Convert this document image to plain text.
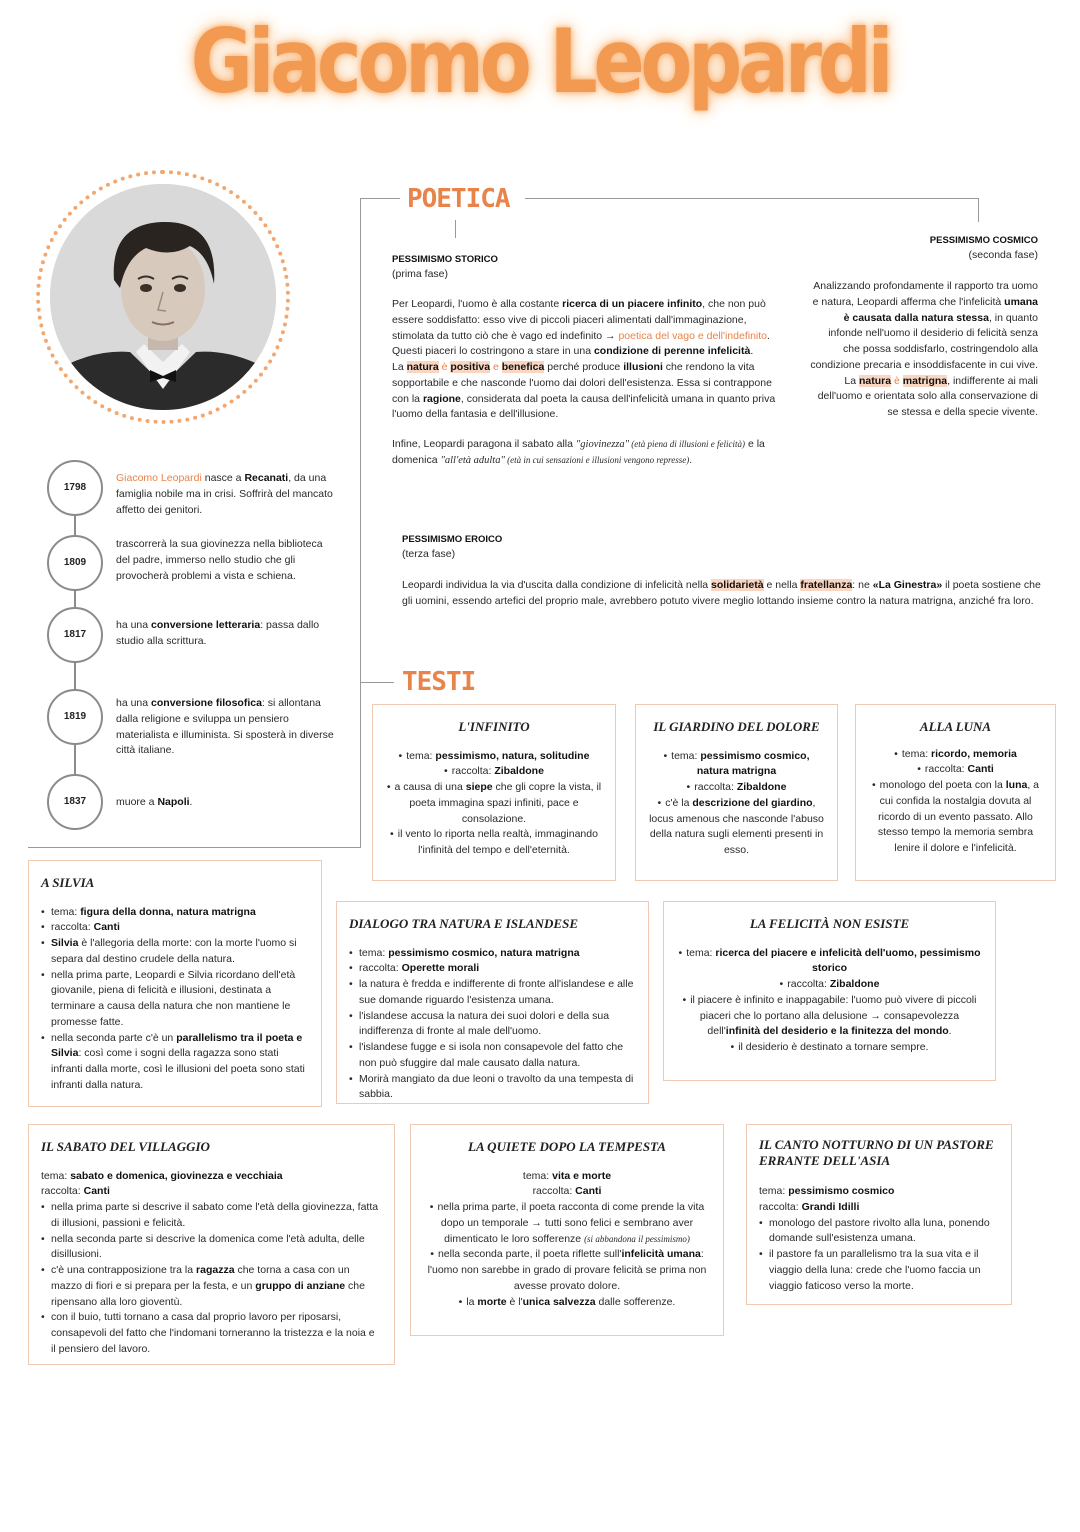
Giacomo Leopardi
1798
1809
1817
1819
1837
Giacomo Leopardi nasce a Recanati, da una famiglia nobile ma in crisi. Soffrirà del mancato affetto dei genitori.
trascorrerà la sua giovinezza nella biblioteca del padre, immerso nello studio che gli provocherà problemi a vista e schiena.
ha una conversione letteraria: passa dallo studio alla scrittura.
ha una conversione filosofica: si allontana dalla religione e sviluppa un pensiero materialista e illuminista. Si sposterà in diverse città italiane.
muore a Napoli.
POETICA
PESSIMISMO STORICO
(prima fase)

Per Leopardi, l'uomo è alla costante ricerca di un piacere infinito, che non può essere soddisfatto: esso vive di piccoli piaceri alimentati dall'immaginazione, stimolata da tutto ciò che è vago ed indefinito → poetica del vago e dell'indefinito. Questi piaceri lo costringono a stare in una condizione di perenne infelicità.

La natura è positiva e benefica perché produce illusioni che rendono la vita sopportabile e che nasconde l'uomo dai dolori dell'esistenza. Essa si contrappone con la ragione, considerata dal poeta la causa dell'infelicità umana in quanto priva l'uomo della fantasia e dell'illusione.

Infine, Leopardi paragona il sabato alla "giovinezza" (età piena di illusioni e felicità) e la domenica "all'età adulta" (età in cui sensazioni e illusioni vengono represse).

PESSIMISMO COSMICO
(seconda fase)

Analizzando profondamente il rapporto tra uomo e natura, Leopardi afferma che l'infelicità umana è causata dalla natura stessa, in quanto infonde nell'uomo il desiderio di felicità senza che possa soddisfarlo, costringendolo alla condizione precaria e insoddisfacente in cui vive. La natura è matrigna, indifferente ai mali dell'uomo e orientata solo alla conservazione di se stessa e della specie vivente.

PESSIMISMO EROICO
(terza fase)

Leopardi individua la via d'uscita dalla condizione di infelicità nella solidarietà e nella fratellanza: ne «La Ginestra» il poeta sostiene che gli uomini, essendo artefici del proprio male, avrebbero potuto vivere meglio lottando insieme contro la natura matrigna, anziché fra loro.

TESTI
L'INFINITO
• tema: pessimismo, natura, solitudine
• raccolta: Zibaldone
• a causa di una siepe che gli copre la vista, il poeta immagina spazi infiniti, pace e consolazione.
• il vento lo riporta nella realtà, immaginando l'infinità del tempo e dell'eternità.
IL GIARDINO DEL DOLORE
• tema: pessimismo cosmico, natura matrigna
• raccolta: Zibaldone
• c'è la descrizione del giardino, locus amenous che nasconde l'abuso della natura sugli elementi presenti in esso.
ALLA LUNA
• tema: ricordo, memoria
• raccolta: Canti
• monologo del poeta con la luna, a cui confida la nostalgia dovuta al ricordo di un evento passato. Allo stesso tempo la memoria sembra lenire il dolore e l'infelicità.
A SILVIA
• tema: figura della donna, natura matrigna
• raccolta: Canti
• Silvia è l'allegoria della morte: con la morte l'uomo si separa dal destino crudele della natura.
• nella prima parte, Leopardi e Silvia ricordano dell'età giovanile, piena di felicità e illusioni, destinata a terminare a causa della natura che non mantiene le promesse fatte.
• nella seconda parte c'è un parallelismo tra il poeta e Silvia: così come i sogni della ragazza sono stati infranti dalla morte, così le illusioni del poeta sono stati infranti dalla natura.
DIALOGO TRA NATURA E ISLANDESE
• tema: pessimismo cosmico, natura matrigna
• raccolta: Operette morali
• la natura è fredda e indifferente di fronte all'islandese e alle sue domande riguardo l'esistenza umana.
• l'islandese accusa la natura dei suoi dolori e della sua indifferenza di fronte al male dell'uomo.
• l'islandese fugge e si isola non consapevole del fatto che non può sfuggire dal male causato dalla natura.
• Morirà mangiato da due leoni o travolto da una tempesta di sabbia.
LA FELICITÀ NON ESISTE
• tema: ricerca del piacere e infelicità dell'uomo, pessimismo storico
• raccolta: Zibaldone
• il piacere è infinito e inappagabile: l'uomo può vivere di piccoli piaceri che lo portano alla delusione → consapevolezza dell'infinità del desiderio e la finitezza del mondo.
• il desiderio è destinato a tornare sempre.
IL SABATO DEL VILLAGGIO

tema: sabato e domenica, giovinezza e vecchiaia

raccolta: Canti

• nella prima parte si descrive il sabato come l'età della giovinezza, fatta di illusioni, passioni e felicità.
• nella seconda parte si descrive la domenica come l'età adulta, delle disillusioni.
• c'è una contrapposizione tra la ragazza che torna a casa con un mazzo di fiori e si prepara per la festa, e un gruppo di anziane che ripensano alla loro gioventù.
• con il buio, tutti tornano a casa dal proprio lavoro per riposarsi, consapevoli del fatto che l'indomani torneranno la tristezza e la noia e il pensiero del lavoro.
LA QUIETE DOPO LA TEMPESTA

tema: vita e morte

raccolta: Canti

• nella prima parte, il poeta racconta di come prende la vita dopo un temporale → tutti sono felici e sembrano aver dimenticato le loro sofferenze (si abbandona il pessimismo)
• nella seconda parte, il poeta riflette sull'infelicità umana: l'uomo non sarebbe in grado di provare felicità se prima non avesse provato dolore.
• la morte è l'unica salvezza dalle sofferenze.
IL CANTO NOTTURNO DI UN PASTORE ERRANTE DELL'ASIA

tema: pessimismo cosmico

raccolta: Grandi Idilli

• monologo del pastore rivolto alla luna, ponendo domande sull'esistenza umana.
• il pastore fa un parallelismo tra la sua vita e il viaggio della luna: crede che l'uomo faccia un viaggio faticoso verso la morte.
